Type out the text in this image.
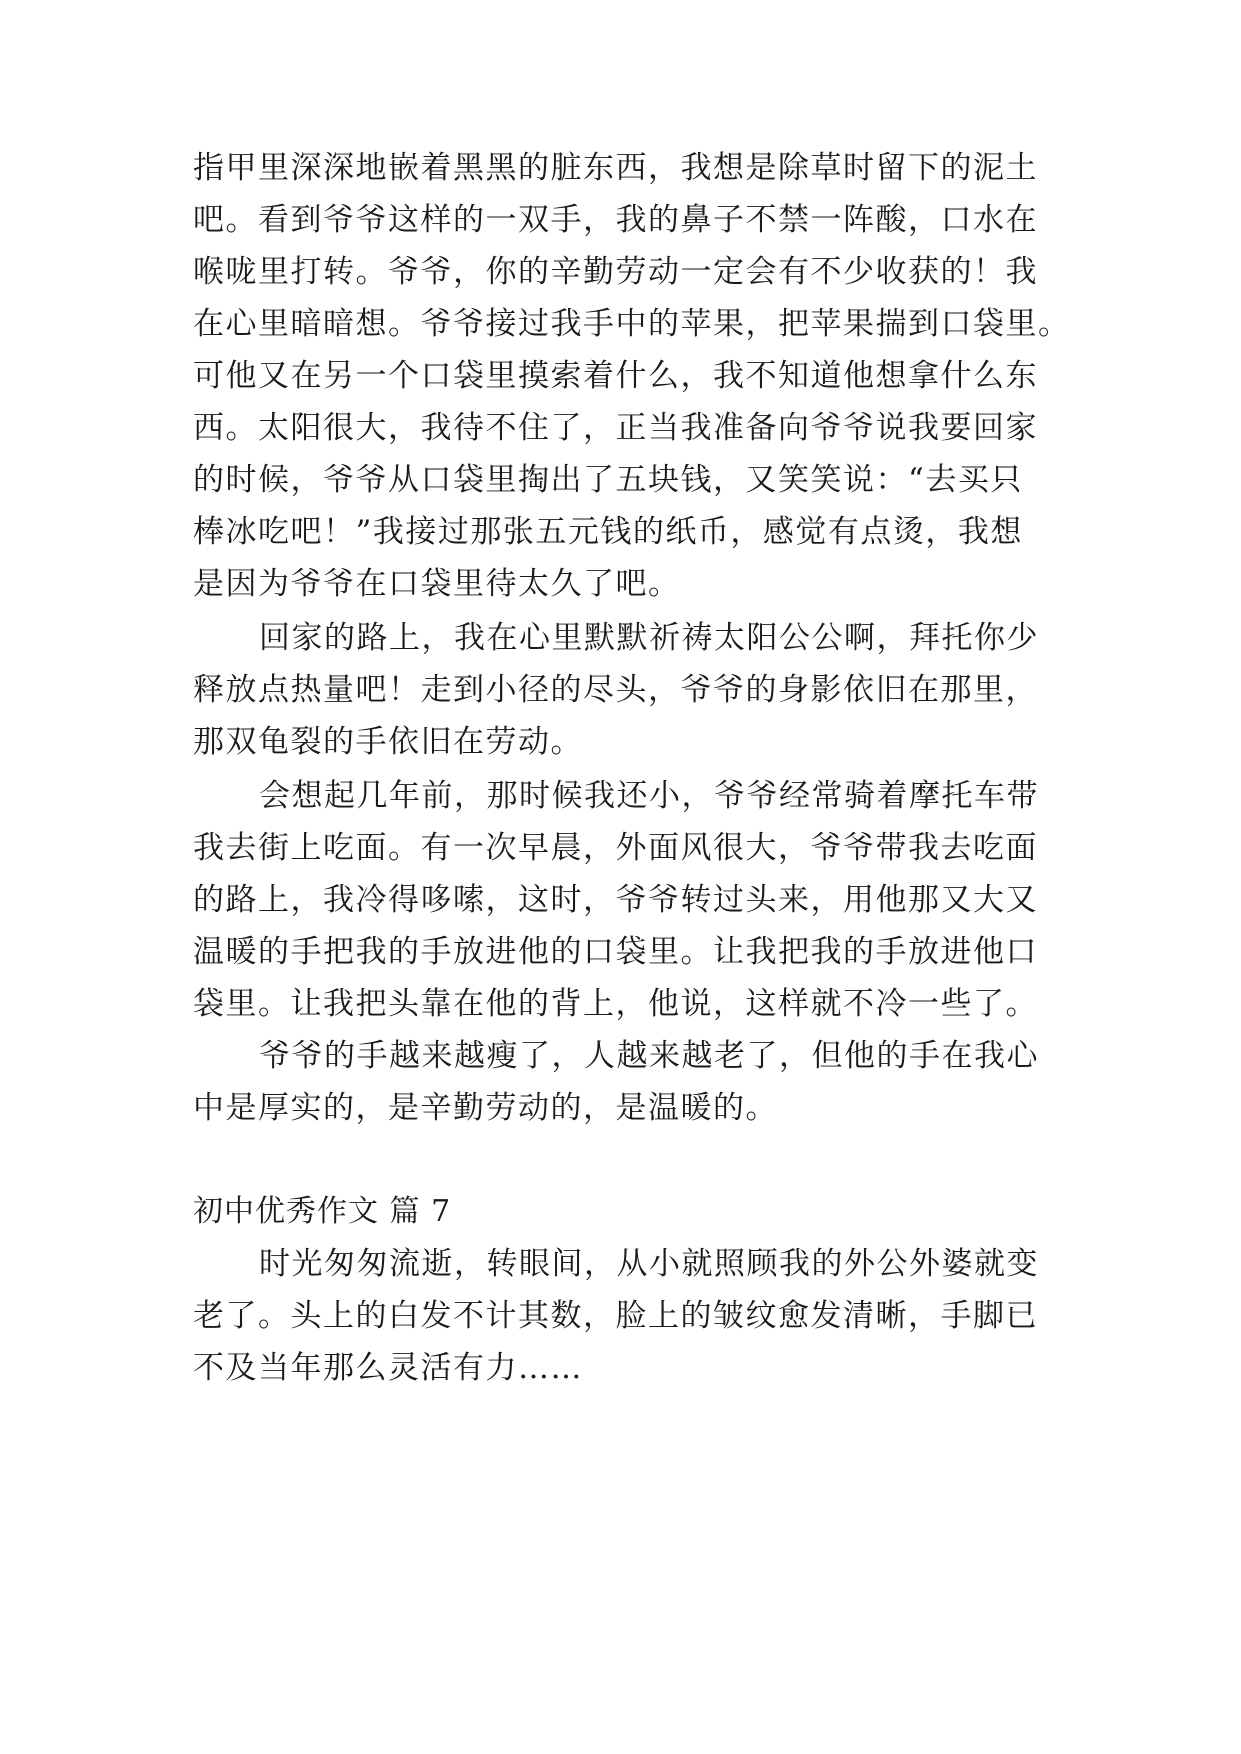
指甲里深深地嵌着黑黑的脏东西，我想是除草时留下的泥土
吧。看到爷爷这样的一双手，我的鼻子不禁一阵酸，口水在
喉咙里打转。爷爷，你的辛勤劳动一定会有不少收获的！我
在心里暗暗想。爷爷接过我手中的苹果，把苹果揣到口袋里。
可他又在另一个口袋里摸索着什么，我不知道他想拿什么东
西。太阳很大，我待不住了，正当我准备向爷爷说我要回家
的时候，爷爷从口袋里掏出了五块钱，又笑笑说：“去买只
棒冰吃吧！”我接过那张五元钱的纸币，感觉有点烫，我想
是因为爷爷在口袋里待太久了吧。
回家的路上，我在心里默默祈祷太阳公公啊，拜托你少
释放点热量吧！走到小径的尽头，爷爷的身影依旧在那里，
那双龟裂的手依旧在劳动。
会想起几年前，那时候我还小，爷爷经常骑着摩托车带
我去街上吃面。有一次早晨，外面风很大，爷爷带我去吃面
的路上，我冷得哆嗦，这时，爷爷转过头来，用他那又大又
温暖的手把我的手放进他的口袋里。让我把我的手放进他口
袋里。让我把头靠在他的背上，他说，这样就不冷一些了。
爷爷的手越来越瘦了，人越来越老了，但他的手在我心
中是厚实的，是辛勤劳动的，是温暖的。
初中优秀作文 篇 7
时光匆匆流逝，转眼间，从小就照顾我的外公外婆就变
老了。头上的白发不计其数，脸上的皱纹愈发清晰，手脚已
不及当年那么灵活有力……
